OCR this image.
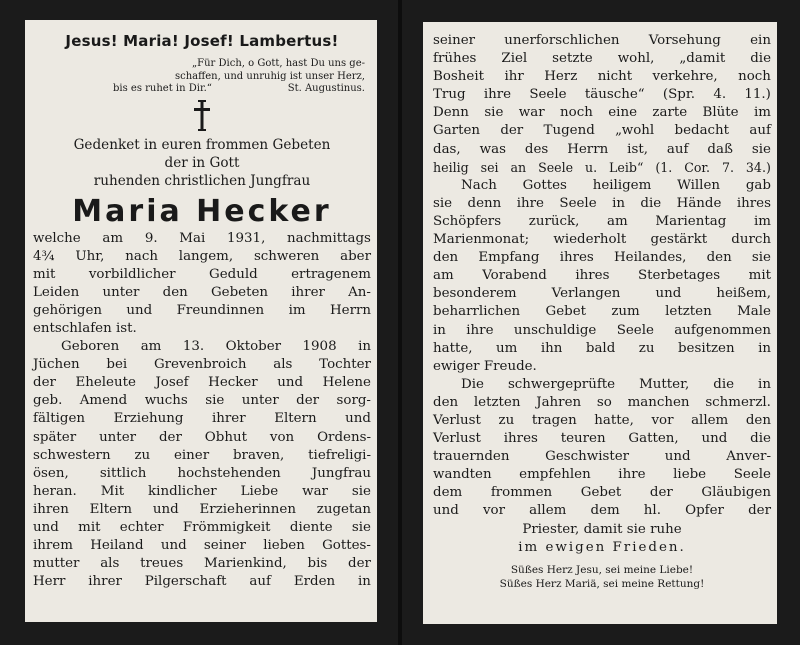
Jesus! Maria! Josef! Lambertus!
„Für Dich, o Gott, hast Du uns ge-
schaffen, und unruhig ist unser Herz,
bis es ruhet in Dir.“	St. Augustinus.
Gedenket in euren frommen Gebeten
der in Gott
ruhenden christlichen Jungfrau
Maria Hecker
welche am 9. Mai 1931, nachmittags
4¾ Uhr, nach langem, schweren aber
mit vorbildlicher Geduld ertragenem
Leiden unter den Gebeten ihrer An-
gehörigen und Freundinnen im Herrn
entschlafen ist.
Geboren am 13. Oktober 1908 in
Jüchen bei Grevenbroich als Tochter
der Eheleute Josef Hecker und Helene
geb. Amend wuchs sie unter der sorg-
fältigen Erziehung ihrer Eltern und
später unter der Obhut von Ordens-
schwestern zu einer braven, tiefreligi-
ösen, sittlich hochstehenden Jungfrau
heran. Mit kindlicher Liebe war sie
ihren Eltern und Erzieherinnen zugetan
und mit echter Frömmigkeit diente sie
ihrem Heiland und seiner lieben Gottes-
mutter als treues Marienkind, bis der
Herr ihrer Pilgerschaft auf Erden in
seiner unerforschlichen Vorsehung ein
frühes Ziel setzte wohl, „damit die
Bosheit ihr Herz nicht verkehre, noch
Trug ihre Seele täusche“ (Spr. 4. 11.)
Denn sie war noch eine zarte Blüte im
Garten der Tugend „wohl bedacht auf
das, was des Herrn ist, auf daß sie
heilig sei an Seele u. Leib“ (1. Cor. 7. 34.)
Nach Gottes heiligem Willen gab
sie denn ihre Seele in die Hände ihres
Schöpfers zurück, am Marientag im
Marienmonat; wiederholt gestärkt durch
den Empfang ihres Heilandes, den sie
am Vorabend ihres Sterbetages mit
besonderem	Verlangen	und	heißem,
beharrlichen Gebet zum letzten Male
in ihre unschuldige Seele aufgenommen
hatte, um ihn bald zu besitzen in
ewiger Freude.
Die schwergeprüfte Mutter, die in
den letzten Jahren so manchen schmerzl.
Verlust zu tragen hatte, vor allem den
Verlust ihres teuren Gatten, und die
trauernden	Geschwister	und	Anver-
wandten empfehlen ihre liebe Seele
dem frommen Gebet der Gläubigen
und vor allem dem hl. Opfer der
Priester, damit sie ruhe
im ewigen Frieden.
Süßes Herz Jesu, sei meine Liebe!
Süßes Herz Mariä, sei meine Rettung!
